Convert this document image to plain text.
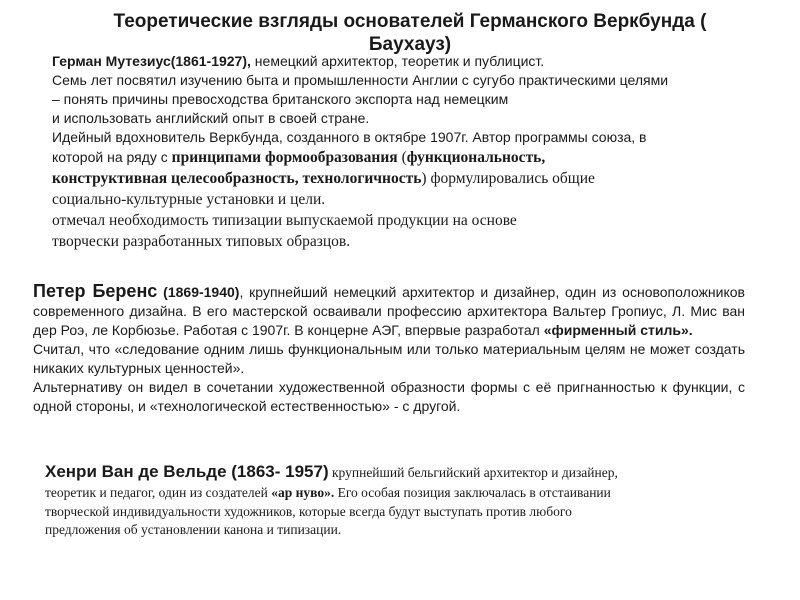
Теоретические взгляды основателей Германского Веркбунда ( Баухауз)
Герман Мутезиус(1861-1927), немецкий архитектор, теоретик и публицист.
Семь лет посвятил изучению быта и промышленности Англии с сугубо практическими целями
– понять причины превосходства британского экспорта над немецким
и использовать английский опыт в своей стране.
Идейный вдохновитель Веркбунда, созданного в октябре 1907г. Автор программы союза, в
которой на ряду с принципами формообразования (функциональность,
конструктивная целесообразность, технологичность) формулировались общие
социально-культурные установки и цели.
отмечал необходимость типизации выпускаемой продукции на основе
творчески разработанных типовых образцов.
Петер Беренс (1869-1940), крупнейший немецкий архитектор и дизайнер, один из основоположников современного дизайна. В его мастерской осваивали профессию архитектора Вальтер Гропиус, Л. Мис ван дер Роэ, ле Корбюзье. Работая с 1907г. В концерне АЭГ, впервые разработал «фирменный стиль».
Считал, что «следование одним лишь функциональным или только материальным целям не может создать никаких культурных ценностей».
Альтернативу он видел в сочетании художественной образности формы с её пригнанностью к функции, с одной стороны, и «технологической естественностью» - с другой.
Хенри Ван де Вельде (1863- 1957) крупнейший бельгийский архитектор и дизайнер,
теоретик и педагог, один из создателей «ар нуво». Его особая позиция заключалась в отстаивании
творческой индивидуальности художников, которые всегда будут выступать против любого
предложения об установлении канона и типизации.
